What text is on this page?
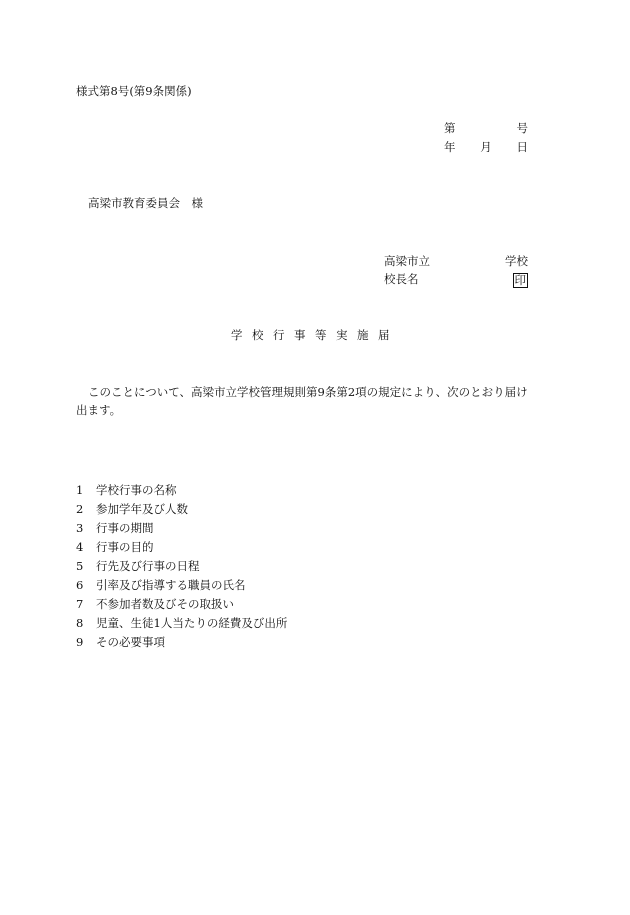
様式第8号(第9条関係)
第	号
年 月 日
高梁市教育委員会　様
高梁市立	学校
校長名	印
学校行事等実施届
このことについて、高梁市立学校管理規則第9条第2項の規定により、次のとおり届け出ます。
1	学校行事の名称
2	参加学年及び人数
3	行事の期間
4	行事の目的
5	行先及び行事の日程
6	引率及び指導する職員の氏名
7	不参加者数及びその取扱い
8	児童、生徒1人当たりの経費及び出所
9	その必要事項
